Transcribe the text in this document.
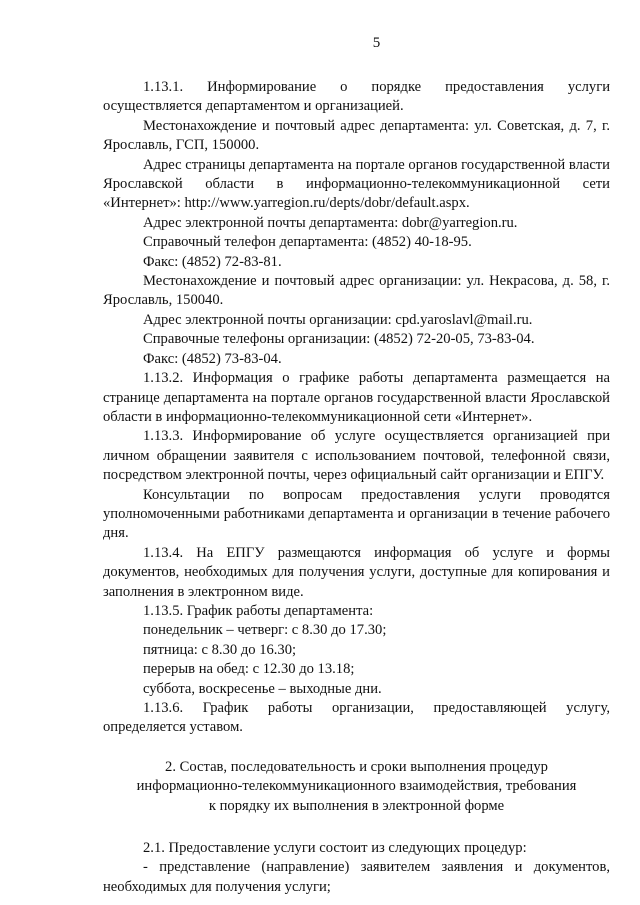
5

1.13.1. Информирование о порядке предоставления услуги осуществляется департаментом и организацией.

Местонахождение и почтовый адрес департамента: ул. Советская, д. 7, г. Ярославль, ГСП, 150000.

Адрес страницы департамента на портале органов государственной власти Ярославской области в информационно-телекоммуникационной сети «Интернет»: http://www.yarregion.ru/depts/dobr/default.aspx.

Адрес электронной почты департамента: dobr@yarregion.ru.

Справочный телефон департамента: (4852) 40-18-95.

Факс: (4852) 72-83-81.

Местонахождение и почтовый адрес организации: ул. Некрасова, д. 58, г. Ярославль, 150040.

Адрес электронной почты организации: cpd.yaroslavl@mail.ru.

Справочные телефоны организации: (4852) 72-20-05, 73-83-04.

Факс: (4852) 73-83-04.

1.13.2. Информация о графике работы департамента размещается на странице департамента на портале органов государственной власти Ярославской области в информационно-телекоммуникационной сети «Интернет».

1.13.3. Информирование об услуге осуществляется организацией при личном обращении заявителя с использованием почтовой, телефонной связи, посредством электронной почты, через официальный сайт организации и ЕПГУ.

Консультации по вопросам предоставления услуги проводятся уполномоченными работниками департамента и организации в течение рабочего дня.

1.13.4. На ЕПГУ размещаются информация об услуге и формы документов, необходимых для получения услуги, доступные для копирования и заполнения в электронном виде.

1.13.5. График работы департамента:

понедельник – четверг: с 8.30 до 17.30;

пятница: с 8.30 до 16.30;

перерыв на обед: с 12.30 до 13.18;

суббота, воскресенье – выходные дни.

1.13.6. График работы организации, предоставляющей услугу, определяется уставом.

2. Состав, последовательность и сроки выполнения процедур
информационно-телекоммуникационного взаимодействия, требования
к порядку их выполнения в электронной форме

2.1. Предоставление услуги состоит из следующих процедур:

- представление (направление) заявителем заявления и документов, необходимых для получения услуги;
